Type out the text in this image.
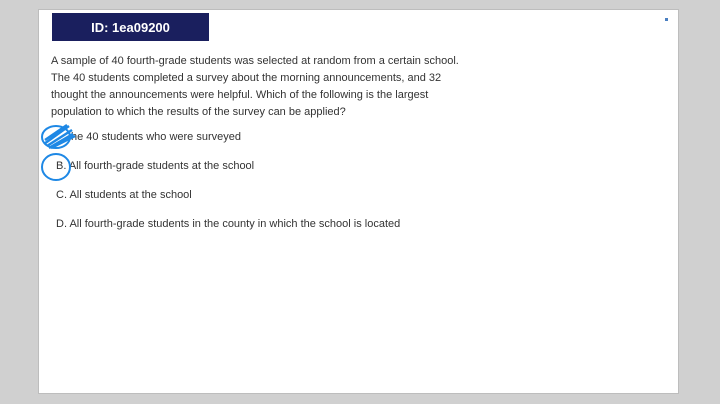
ID: 1ea09200
A sample of 40 fourth-grade students was selected at random from a certain school. The 40 students completed a survey about the morning announcements, and 32 thought the announcements were helpful. Which of the following is the largest population to which the results of the survey can be applied?
he 40 students who were surveyed
B. All fourth-grade students at the school
C. All students at the school
D. All fourth-grade students in the county in which the school is located
